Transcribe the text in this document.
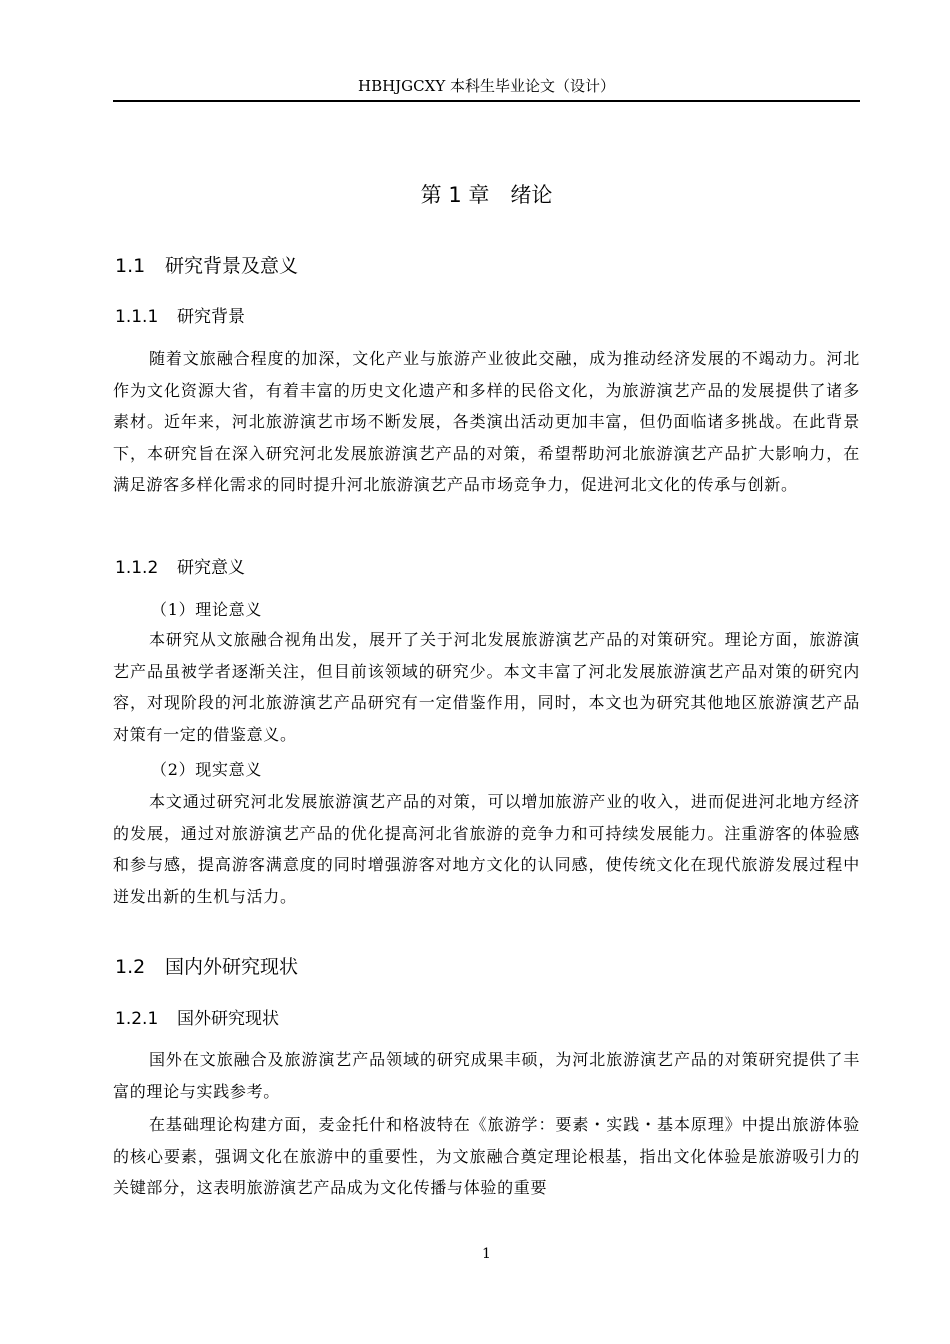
HBHJGCXY 本科生毕业论文（设计）
第 1 章　绪论
1.1 研究背景及意义
1.1.1 研究背景

随着文旅融合程度的加深，文化产业与旅游产业彼此交融，成为推动经济发展的不竭动力。河北作为文化资源大省，有着丰富的历史文化遗产和多样的民俗文化，为旅游演艺产品的发展提供了诸多素材。近年来，河北旅游演艺市场不断发展，各类演出活动更加丰富，但仍面临诸多挑战。在此背景下，本研究旨在深入研究河北发展旅游演艺产品的对策，希望帮助河北旅游演艺产品扩大影响力，在满足游客多样化需求的同时提升河北旅游演艺产品市场竞争力，促进河北文化的传承与创新。

1.1.2 研究意义

（1）理论意义

本研究从文旅融合视角出发，展开了关于河北发展旅游演艺产品的对策研究。理论方面，旅游演艺产品虽被学者逐渐关注，但目前该领域的研究少。本文丰富了河北发展旅游演艺产品对策的研究内容，对现阶段的河北旅游演艺产品研究有一定借鉴作用，同时，本文也为研究其他地区旅游演艺产品对策有一定的借鉴意义。

（2）现实意义

本文通过研究河北发展旅游演艺产品的对策，可以增加旅游产业的收入，进而促进河北地方经济的发展，通过对旅游演艺产品的优化提高河北省旅游的竞争力和可持续发展能力。注重游客的体验感和参与感，提高游客满意度的同时增强游客对地方文化的认同感，使传统文化在现代旅游发展过程中迸发出新的生机与活力。

1.2 国内外研究现状
1.2.1 国外研究现状

国外在文旅融合及旅游演艺产品领域的研究成果丰硕，为河北旅游演艺产品的对策研究提供了丰富的理论与实践参考。

在基础理论构建方面，麦金托什和格波特在《旅游学：要素・实践・基本原理》中提出旅游体验的核心要素，强调文化在旅游中的重要性，为文旅融合奠定理论根基，指出文化体验是旅游吸引力的关键部分，这表明旅游演艺产品成为文化传播与体验的重要

1
